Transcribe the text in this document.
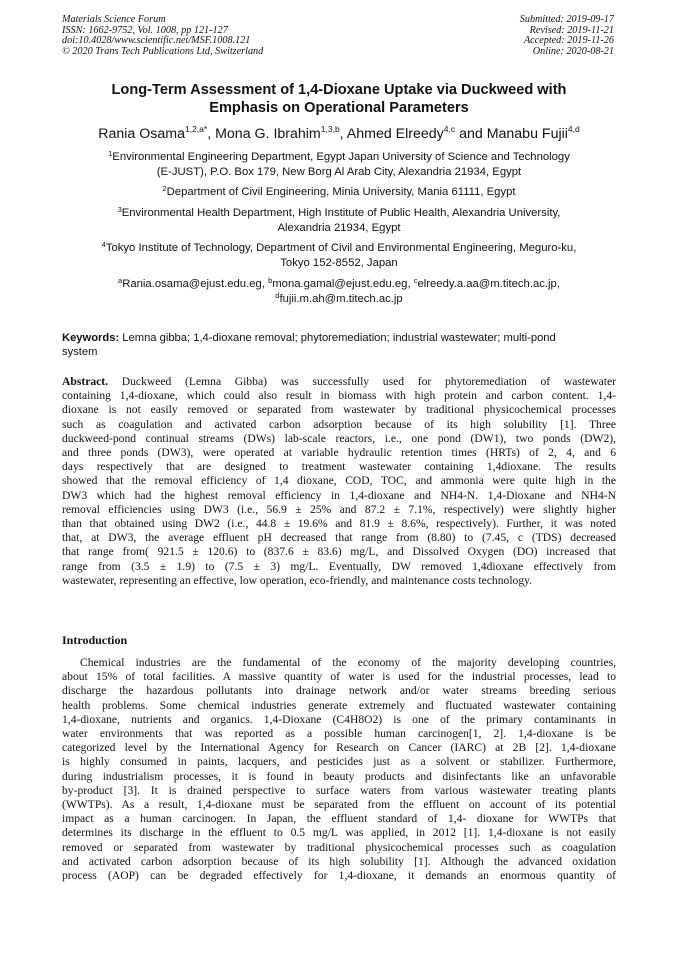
Materials Science Forum
ISSN: 1662-9752, Vol. 1008, pp 121-127
doi:10.4028/www.scientific.net/MSF.1008.121
© 2020 Trans Tech Publications Ltd, Switzerland
Submitted: 2019-09-17
Revised: 2019-11-21
Accepted: 2019-11-26
Online: 2020-08-21
Long-Term Assessment of 1,4-Dioxane Uptake via Duckweed with
Emphasis on Operational Parameters
Rania Osama$^{1,2,a*}$, Mona G. Ibrahim$^{1,3,b}$, Ahmed Elreedy$^{4,c}$ and Manabu Fujii$^{4,d}$
$^1$Environmental Engineering Department, Egypt Japan University of Science and Technology
(E-JUST), P.O. Box 179, New Borg Al Arab City, Alexandria 21934, Egypt
$^2$Department of Civil Engineering, Minia University, Mania 61111, Egypt
$^3$Environmental Health Department, High Institute of Public Health, Alexandria University,
Alexandria 21934, Egypt
$^4$Tokyo Institute of Technology, Department of Civil and Environmental Engineering, Meguro-ku,
Tokyo 152-8552, Japan
$^a$Rania.osama@ejust.edu.eg, $^b$mona.gamal@ejust.edu.eg, $^c$elreedy.a.aa@m.titech.ac.jp,
$^d$fujii.m.ah@m.titech.ac.jp
Keywords: Lemna gibba; 1,4-dioxane removal; phytoremediation; industrial wastewater; multi-pond
system
Abstract. Duckweed (Lemna Gibba) was successfully used for phytoremediation of wastewater
containing 1,4-dioxane, which could also result in biomass with high protein and carbon content. 1,4-
dioxane is not easily removed or separated from wastewater by traditional physicochemical processes
such as coagulation and activated carbon adsorption because of its high solubility [1]. Three
duckweed-pond continual streams (DWs) lab-scale reactors, i.e., one pond (DW1), two ponds (DW2),
and three ponds (DW3), were operated at variable hydraulic retention times (HRTs) of 2, 4, and 6
days respectively that are designed to treatment wastewater containing 1,4dioxane. The results
showed that the removal efficiency of 1,4 dioxane, COD, TOC, and ammonia were quite high in the
DW3 which had the highest removal efficiency in 1,4-dioxane and NH4-N. 1,4-Dioxane and NH4-N
removal efficiencies using DW3 (i.e., 56.9 ± 25% and 87.2 ± 7.1%, respectively) were slightly higher
than that obtained using DW2 (i.e., 44.8 ± 19.6% and 81.9 ± 8.6%, respectively). Further, it was noted
that, at DW3, the average effluent pH decreased that range from (8.80) to (7.45, c (TDS) decreased
that range from( 921.5 ± 120.6) to (837.6 ± 83.6) mg/L, and Dissolved Oxygen (DO) increased that
range from (3.5 ± 1.9) to (7.5 ± 3) mg/L. Eventually, DW removed 1,4dioxane effectively from
wastewater, representing an effective, low operation, eco-friendly, and maintenance costs technology.
Introduction
Chemical industries are the fundamental of the economy of the majority developing countries,
about 15% of total facilities. A massive quantity of water is used for the industrial processes, lead to
discharge the hazardous pollutants into drainage network and/or water streams breeding serious
health problems. Some chemical industries generate extremely and fluctuated wastewater containing
1,4-dioxane, nutrients and organics. 1,4-Dioxane (C4H8O2) is one of the primary contaminants in
water environments that was reported as a possible human carcinogen[1, 2]. 1,4-dioxane is be
categorized level by the International Agency for Research on Cancer (IARC) at 2B [2]. 1,4-dioxane
is highly consumed in paints, lacquers, and pesticides just as a solvent or stabilizer. Furthermore,
during industrialism processes, it is found in beauty products and disinfectants like an unfavorable
by-product [3]. It is drained perspective to surface waters from various wastewater treating plants
(WWTPs). As a result, 1,4-dioxane must be separated from the effluent on account of its potential
impact as a human carcinogen. In Japan, the effluent standard of 1,4- dioxane for WWTPs that
determines its discharge in the effluent to 0.5 mg/L was applied, in 2012 [1]. 1,4-dioxane is not easily
removed or separated from wastewater by traditional physicochemical processes such as coagulation
and activated carbon adsorption because of its high solubility [1]. Although the advanced oxidation
process (AOP) can be degraded effectively for 1,4-dioxane, it demands an enormous quantity of
